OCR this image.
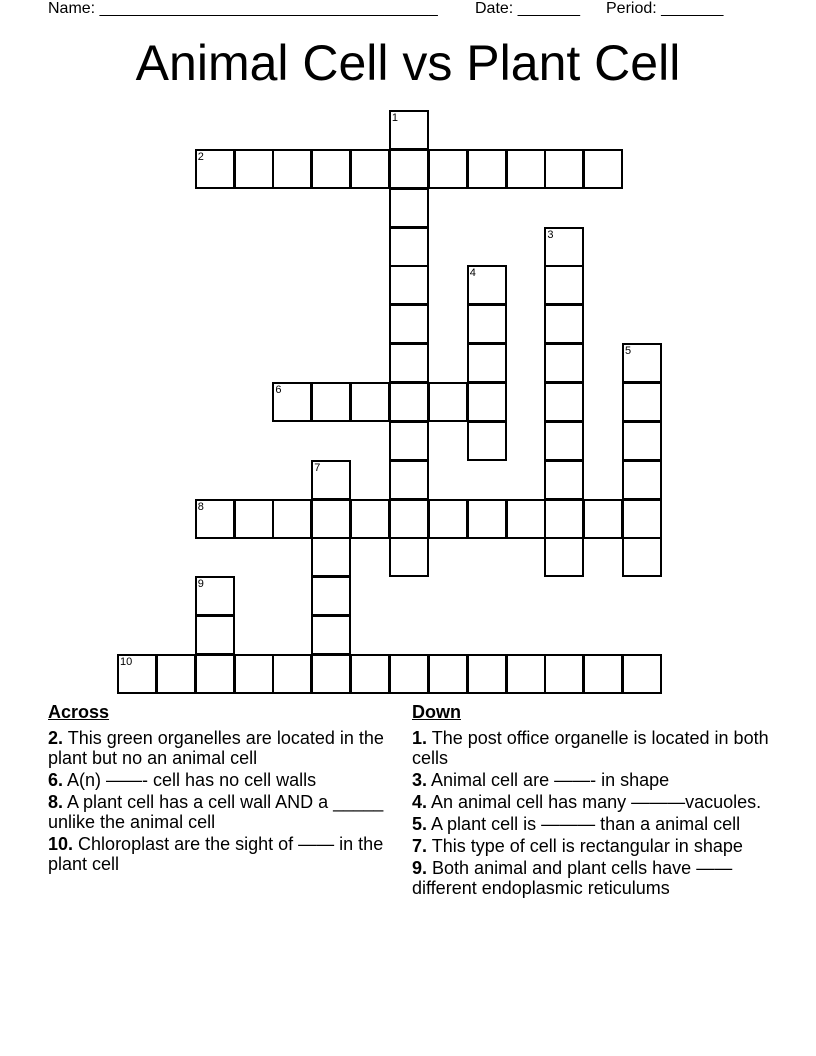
Name: ______________________________________ Date: _______ Period: _______
Animal Cell vs Plant Cell
1
2
3
4
5
6
7
8
9
10
Across
2. This green organelles are located in the plant but no an animal cell
6. A(n) ——- cell has no cell walls
8. A plant cell has a cell wall AND a _____ unlike the animal cell
10. Chloroplast are the sight of —— in the plant cell
Down
1. The post office organelle is located in both cells
3. Animal cell are ——- in shape
4. An animal cell has many ———vacuoles.
5. A plant cell is ——— than a animal cell
7. This type of cell is rectangular in shape
9. Both animal and plant cells have —— different endoplasmic reticulums
